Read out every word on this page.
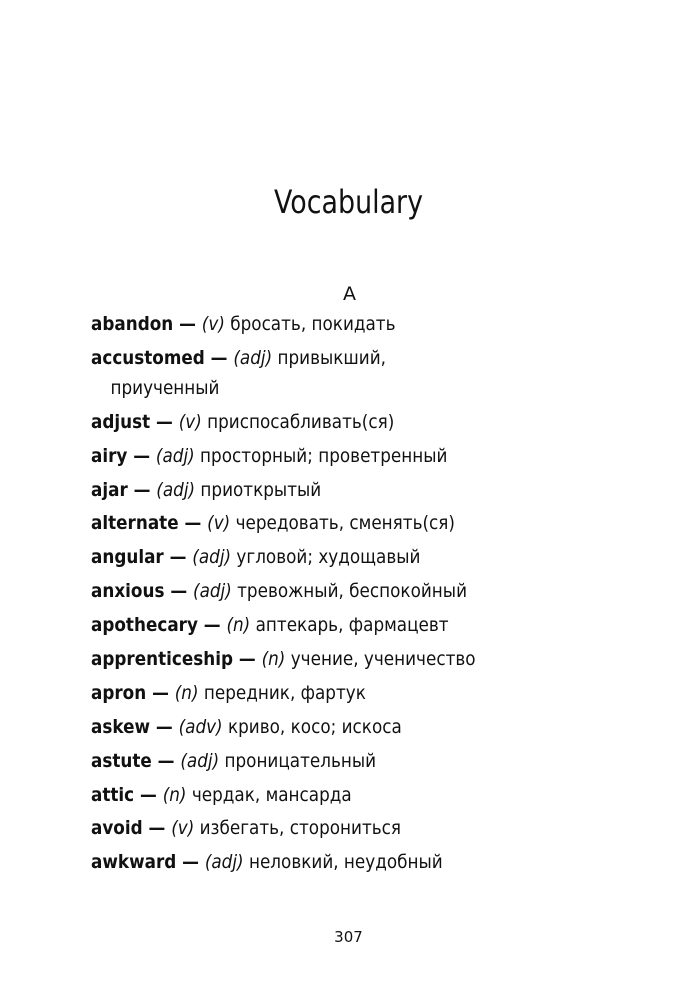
Vocabulary
A
abandon — (v) бросать, покидать
accustomed — (adj) привыкший,
приученный
adjust — (v) приспосабливать(ся)
airy — (adj) просторный; проветренный
ajar — (adj) приоткрытый
alternate — (v) чередовать, сменять(ся)
angular — (adj) угловой; худощавый
anxious — (adj) тревожный, беспокойный
apothecary — (n) аптекарь, фармацевт
apprenticeship — (n) учение, ученичество
apron — (n) передник, фартук
askew — (adv) криво, косо; искоса
astute — (adj) проницательный
attic — (n) чердак, мансарда
avoid — (v) избегать, сторониться
awkward — (adj) неловкий, неудобный
307
